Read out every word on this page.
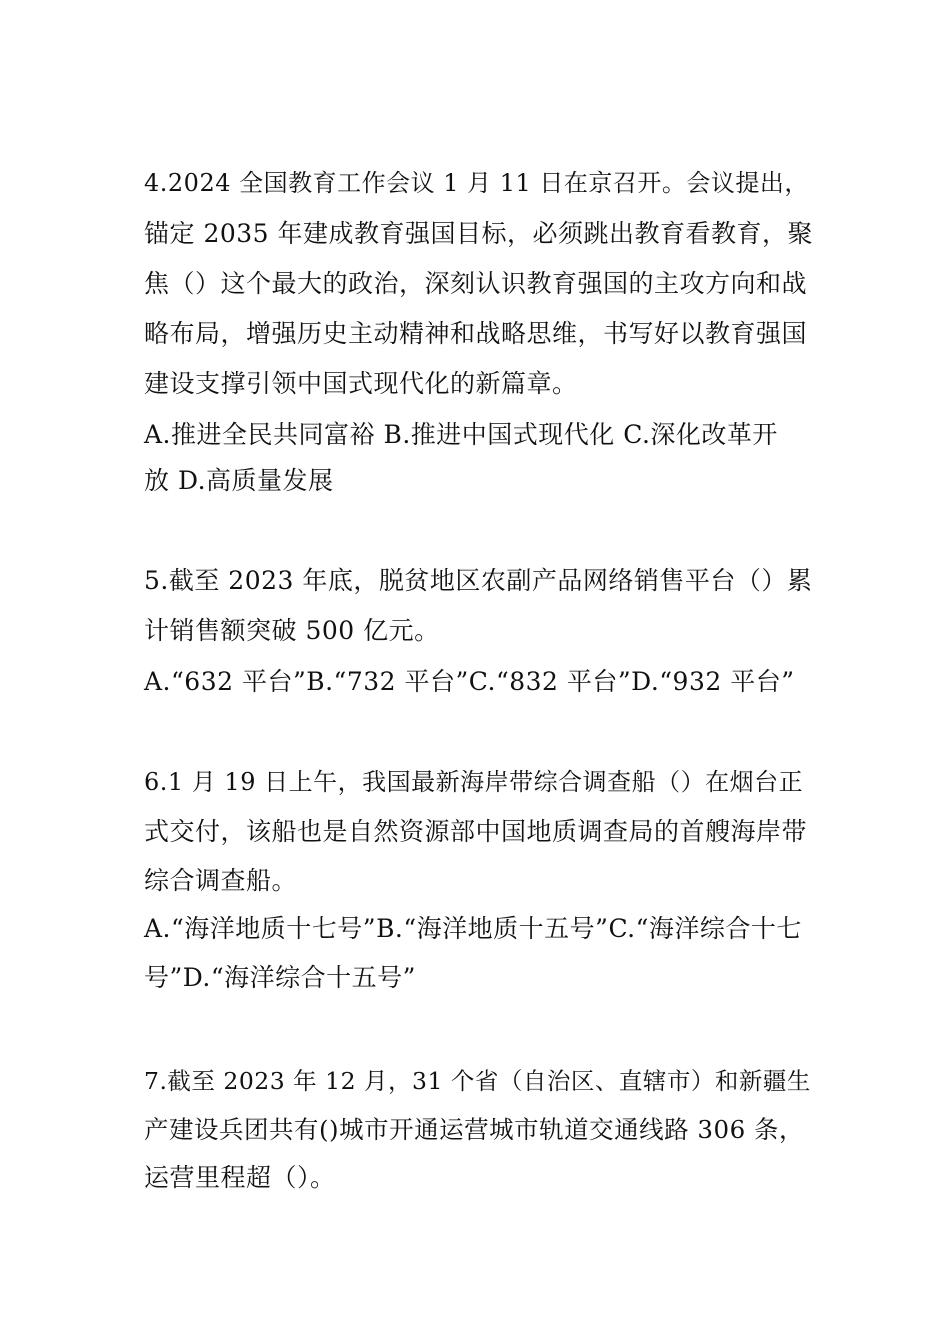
4.2024 全国教育工作会议 1 月 11 日在京召开。会议提出，
锚定 2035 年建成教育强国目标，必须跳出教育看教育，聚
焦（）这个最大的政治，深刻认识教育强国的主攻方向和战
略布局，增强历史主动精神和战略思维，书写好以教育强国
建设支撑引领中国式现代化的新篇章。
A.推进全民共同富裕 B.推进中国式现代化 C.深化改革开
放 D.高质量发展
5.截至 2023 年底，脱贫地区农副产品网络销售平台（）累
计销售额突破 500 亿元。
A.“632 平台”B.“732 平台”C.“832 平台”D.“932 平台”
6.1 月 19 日上午，我国最新海岸带综合调查船（）在烟台正
式交付，该船也是自然资源部中国地质调查局的首艘海岸带
综合调查船。
A.“海洋地质十七号”B.“海洋地质十五号”C.“海洋综合十七
号”D.“海洋综合十五号”
7.截至 2023 年 12 月，31 个省（自治区、直辖市）和新疆生
产建设兵团共有()城市开通运营城市轨道交通线路 306 条，
运营里程超（）。
